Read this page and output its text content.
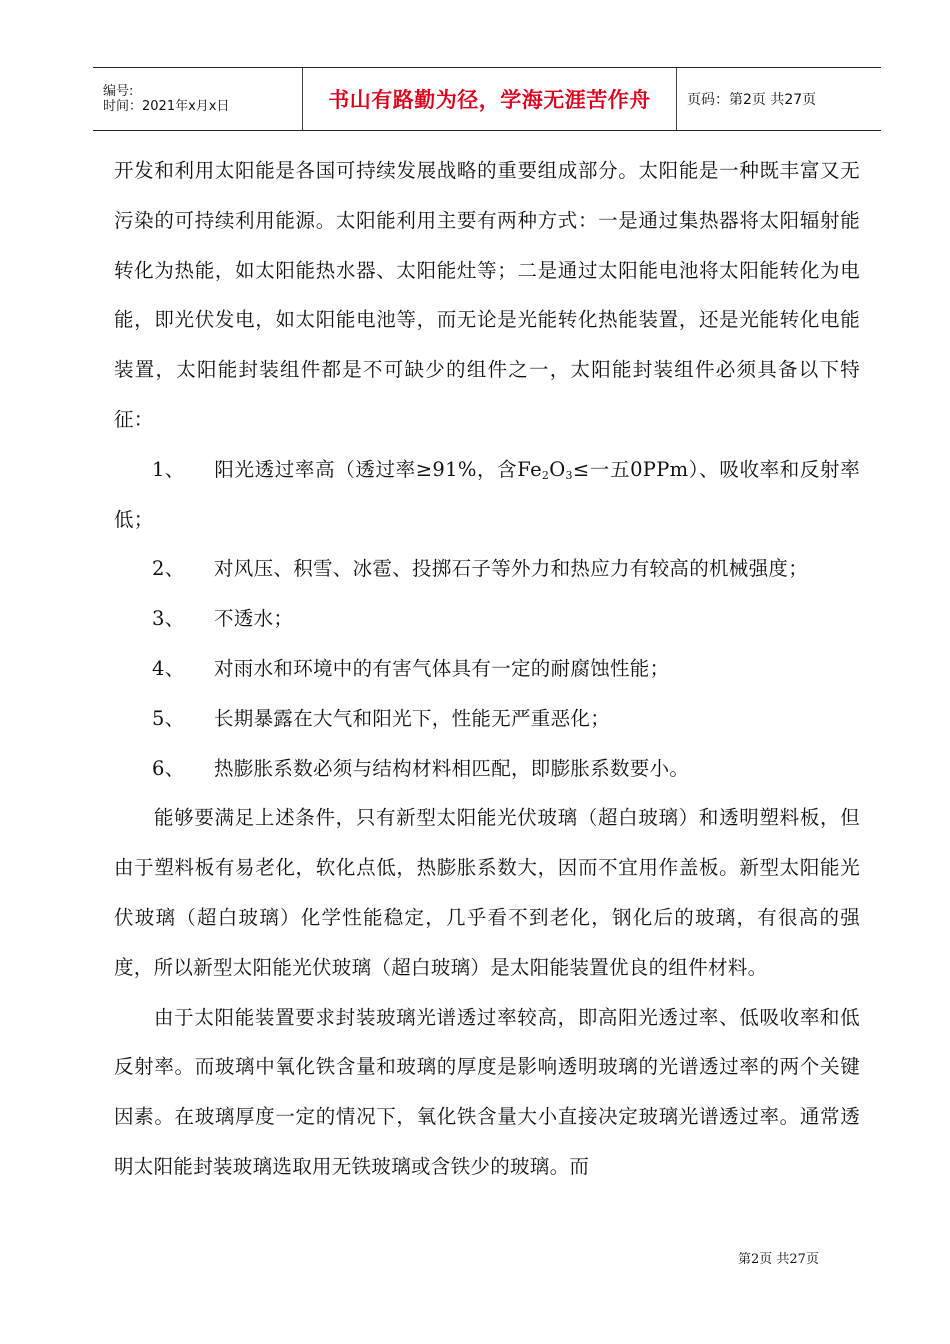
编号:
时间：2021年x月x日	书山有路勤为径，学海无涯苦作舟	页码：第2页 共27页

开发和利用太阳能是各国可持续发展战略的重要组成部分。太阳能是一种既丰富又无污染的可持续利用能源。太阳能利用主要有两种方式：一是通过集热器将太阳辐射能转化为热能，如太阳能热水器、太阳能灶等；二是通过太阳能电池将太阳能转化为电能，即光伏发电，如太阳能电池等，而无论是光能转化热能装置，还是光能转化电能装置，太阳能封装组件都是不可缺少的组件之一，太阳能封装组件必须具备以下特征：

1、 阳光透过率高（透过率≥91%，含$Fe_2O_3\le$一五0PPm）、吸收率和反射率低；

2、 对风压、积雪、冰雹、投掷石子等外力和热应力有较高的机械强度；

3、 不透水；

4、 对雨水和环境中的有害气体具有一定的耐腐蚀性能；

5、 长期暴露在大气和阳光下，性能无严重恶化；

6、 热膨胀系数必须与结构材料相匹配，即膨胀系数要小。

能够要满足上述条件，只有新型太阳能光伏玻璃（超白玻璃）和透明塑料板，但由于塑料板有易老化，软化点低，热膨胀系数大，因而不宜用作盖板。新型太阳能光伏玻璃（超白玻璃）化学性能稳定，几乎看不到老化，钢化后的玻璃，有很高的强度，所以新型太阳能光伏玻璃（超白玻璃）是太阳能装置优良的组件材料。

由于太阳能装置要求封装玻璃光谱透过率较高，即高阳光透过率、低吸收率和低反射率。而玻璃中氧化铁含量和玻璃的厚度是影响透明玻璃的光谱透过率的两个关键因素。在玻璃厚度一定的情况下，氧化铁含量大小直接决定玻璃光谱透过率。通常透明太阳能封装玻璃选取用无铁玻璃或含铁少的玻璃。而

第2页 共27页
